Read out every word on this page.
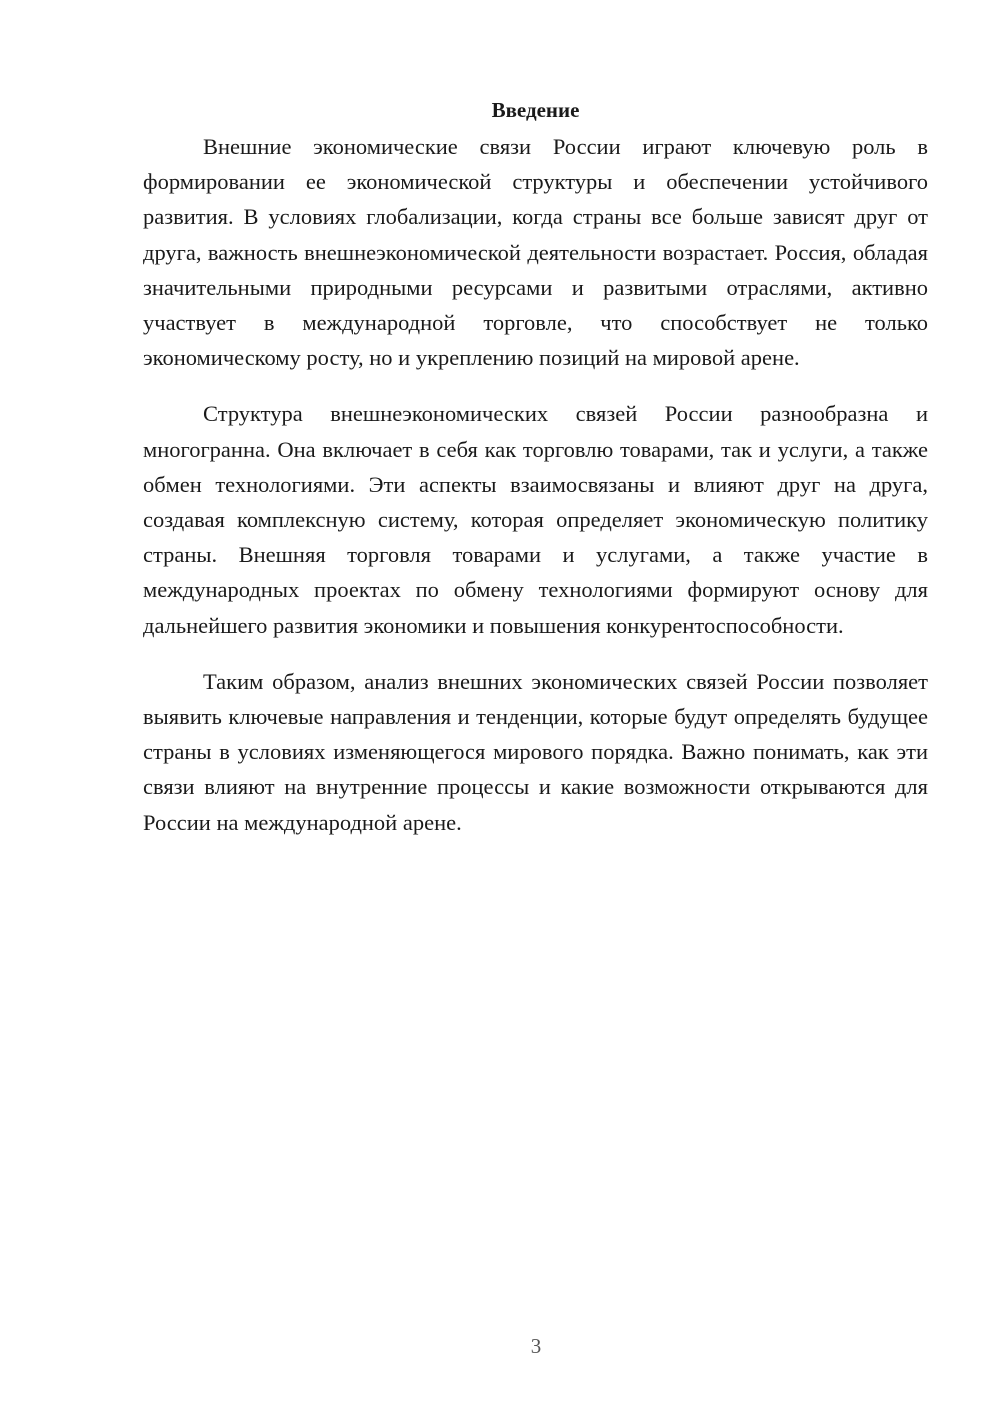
Введение

Внешние экономические связи России играют ключевую роль в формировании ее экономической структуры и обеспечении устойчивого развития. В условиях глобализации, когда страны все больше зависят друг от друга, важность внешнеэкономической деятельности возрастает. Россия, обладая значительными природными ресурсами и развитыми отраслями, активно участвует в международной торговле, что способствует не только экономическому росту, но и укреплению позиций на мировой арене.

Структура внешнеэкономических связей России разнообразна и многогранна. Она включает в себя как торговлю товарами, так и услуги, а также обмен технологиями. Эти аспекты взаимосвязаны и влияют друг на друга, создавая комплексную систему, которая определяет экономическую политику страны. Внешняя торговля товарами и услугами, а также участие в международных проектах по обмену технологиями формируют основу для дальнейшего развития экономики и повышения конкурентоспособности.

Таким образом, анализ внешних экономических связей России позволяет выявить ключевые направления и тенденции, которые будут определять будущее страны в условиях изменяющегося мирового порядка. Важно понимать, как эти связи влияют на внутренние процессы и какие возможности открываются для России на международной арене.

3
